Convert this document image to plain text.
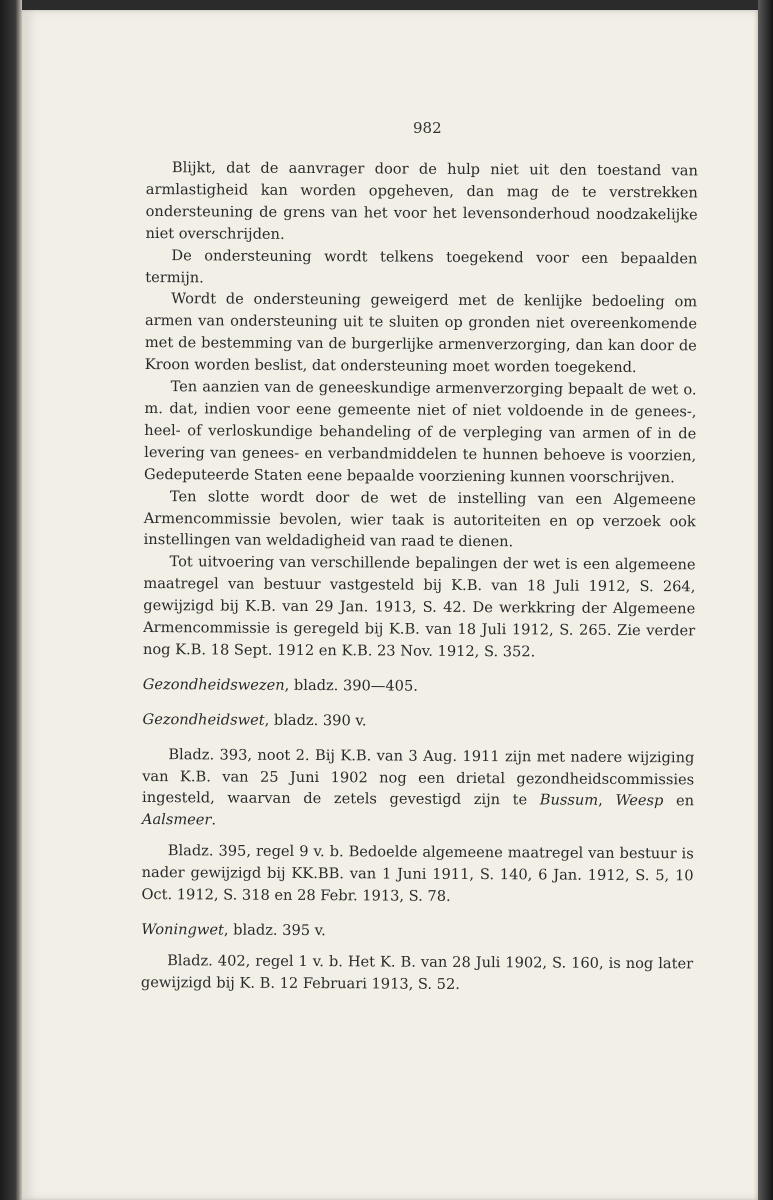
982

Blijkt, dat de aanvrager door de hulp niet uit den toestand van armlastigheid kan worden opgeheven, dan mag de te verstrekken ondersteuning de grens van het voor het levensonderhoud noodzakelijke niet overschrijden.

De ondersteuning wordt telkens toegekend voor een bepaalden termijn.

Wordt de ondersteuning geweigerd met de kenlijke bedoeling om armen van ondersteuning uit te sluiten op gronden niet overeenkomende met de bestemming van de burgerlijke armenverzorging, dan kan door de Kroon worden beslist, dat ondersteuning moet worden toegekend.

Ten aanzien van de geneeskundige armenverzorging bepaalt de wet o. m. dat, indien voor eene gemeente niet of niet voldoende in de genees-, heel- of verloskundige behandeling of de verpleging van armen of in de levering van genees- en verbandmiddelen te hunnen behoeve is voorzien, Gedeputeerde Staten eene bepaalde voorziening kunnen voorschrijven.

Ten slotte wordt door de wet de instelling van een Algemeene Armencommissie bevolen, wier taak is autoriteiten en op verzoek ook instellingen van weldadigheid van raad te dienen.

Tot uitvoering van verschillende bepalingen der wet is een algemeene maatregel van bestuur vastgesteld bij K.B. van 18 Juli 1912, S. 264, gewijzigd bij K.B. van 29 Jan. 1913, S. 42. De werkkring der Algemeene Armencommissie is geregeld bij K.B. van 18 Juli 1912, S. 265. Zie verder nog K.B. 18 Sept. 1912 en K.B. 23 Nov. 1912, S. 352.

Gezondheidswezen, bladz. 390—405.

Gezondheidswet, bladz. 390 v.

Bladz. 393, noot 2. Bij K.B. van 3 Aug. 1911 zijn met nadere wijziging van K.B. van 25 Juni 1902 nog een drietal gezondheidscommissies ingesteld, waarvan de zetels gevestigd zijn te Bussum, Weesp en Aalsmeer.

Bladz. 395, regel 9 v. b. Bedoelde algemeene maatregel van bestuur is nader gewijzigd bij KK.BB. van 1 Juni 1911, S. 140, 6 Jan. 1912, S. 5, 10 Oct. 1912, S. 318 en 28 Febr. 1913, S. 78.

Woningwet, bladz. 395 v.

Bladz. 402, regel 1 v. b. Het K. B. van 28 Juli 1902, S. 160, is nog later gewijzigd bij K. B. 12 Februari 1913, S. 52.
